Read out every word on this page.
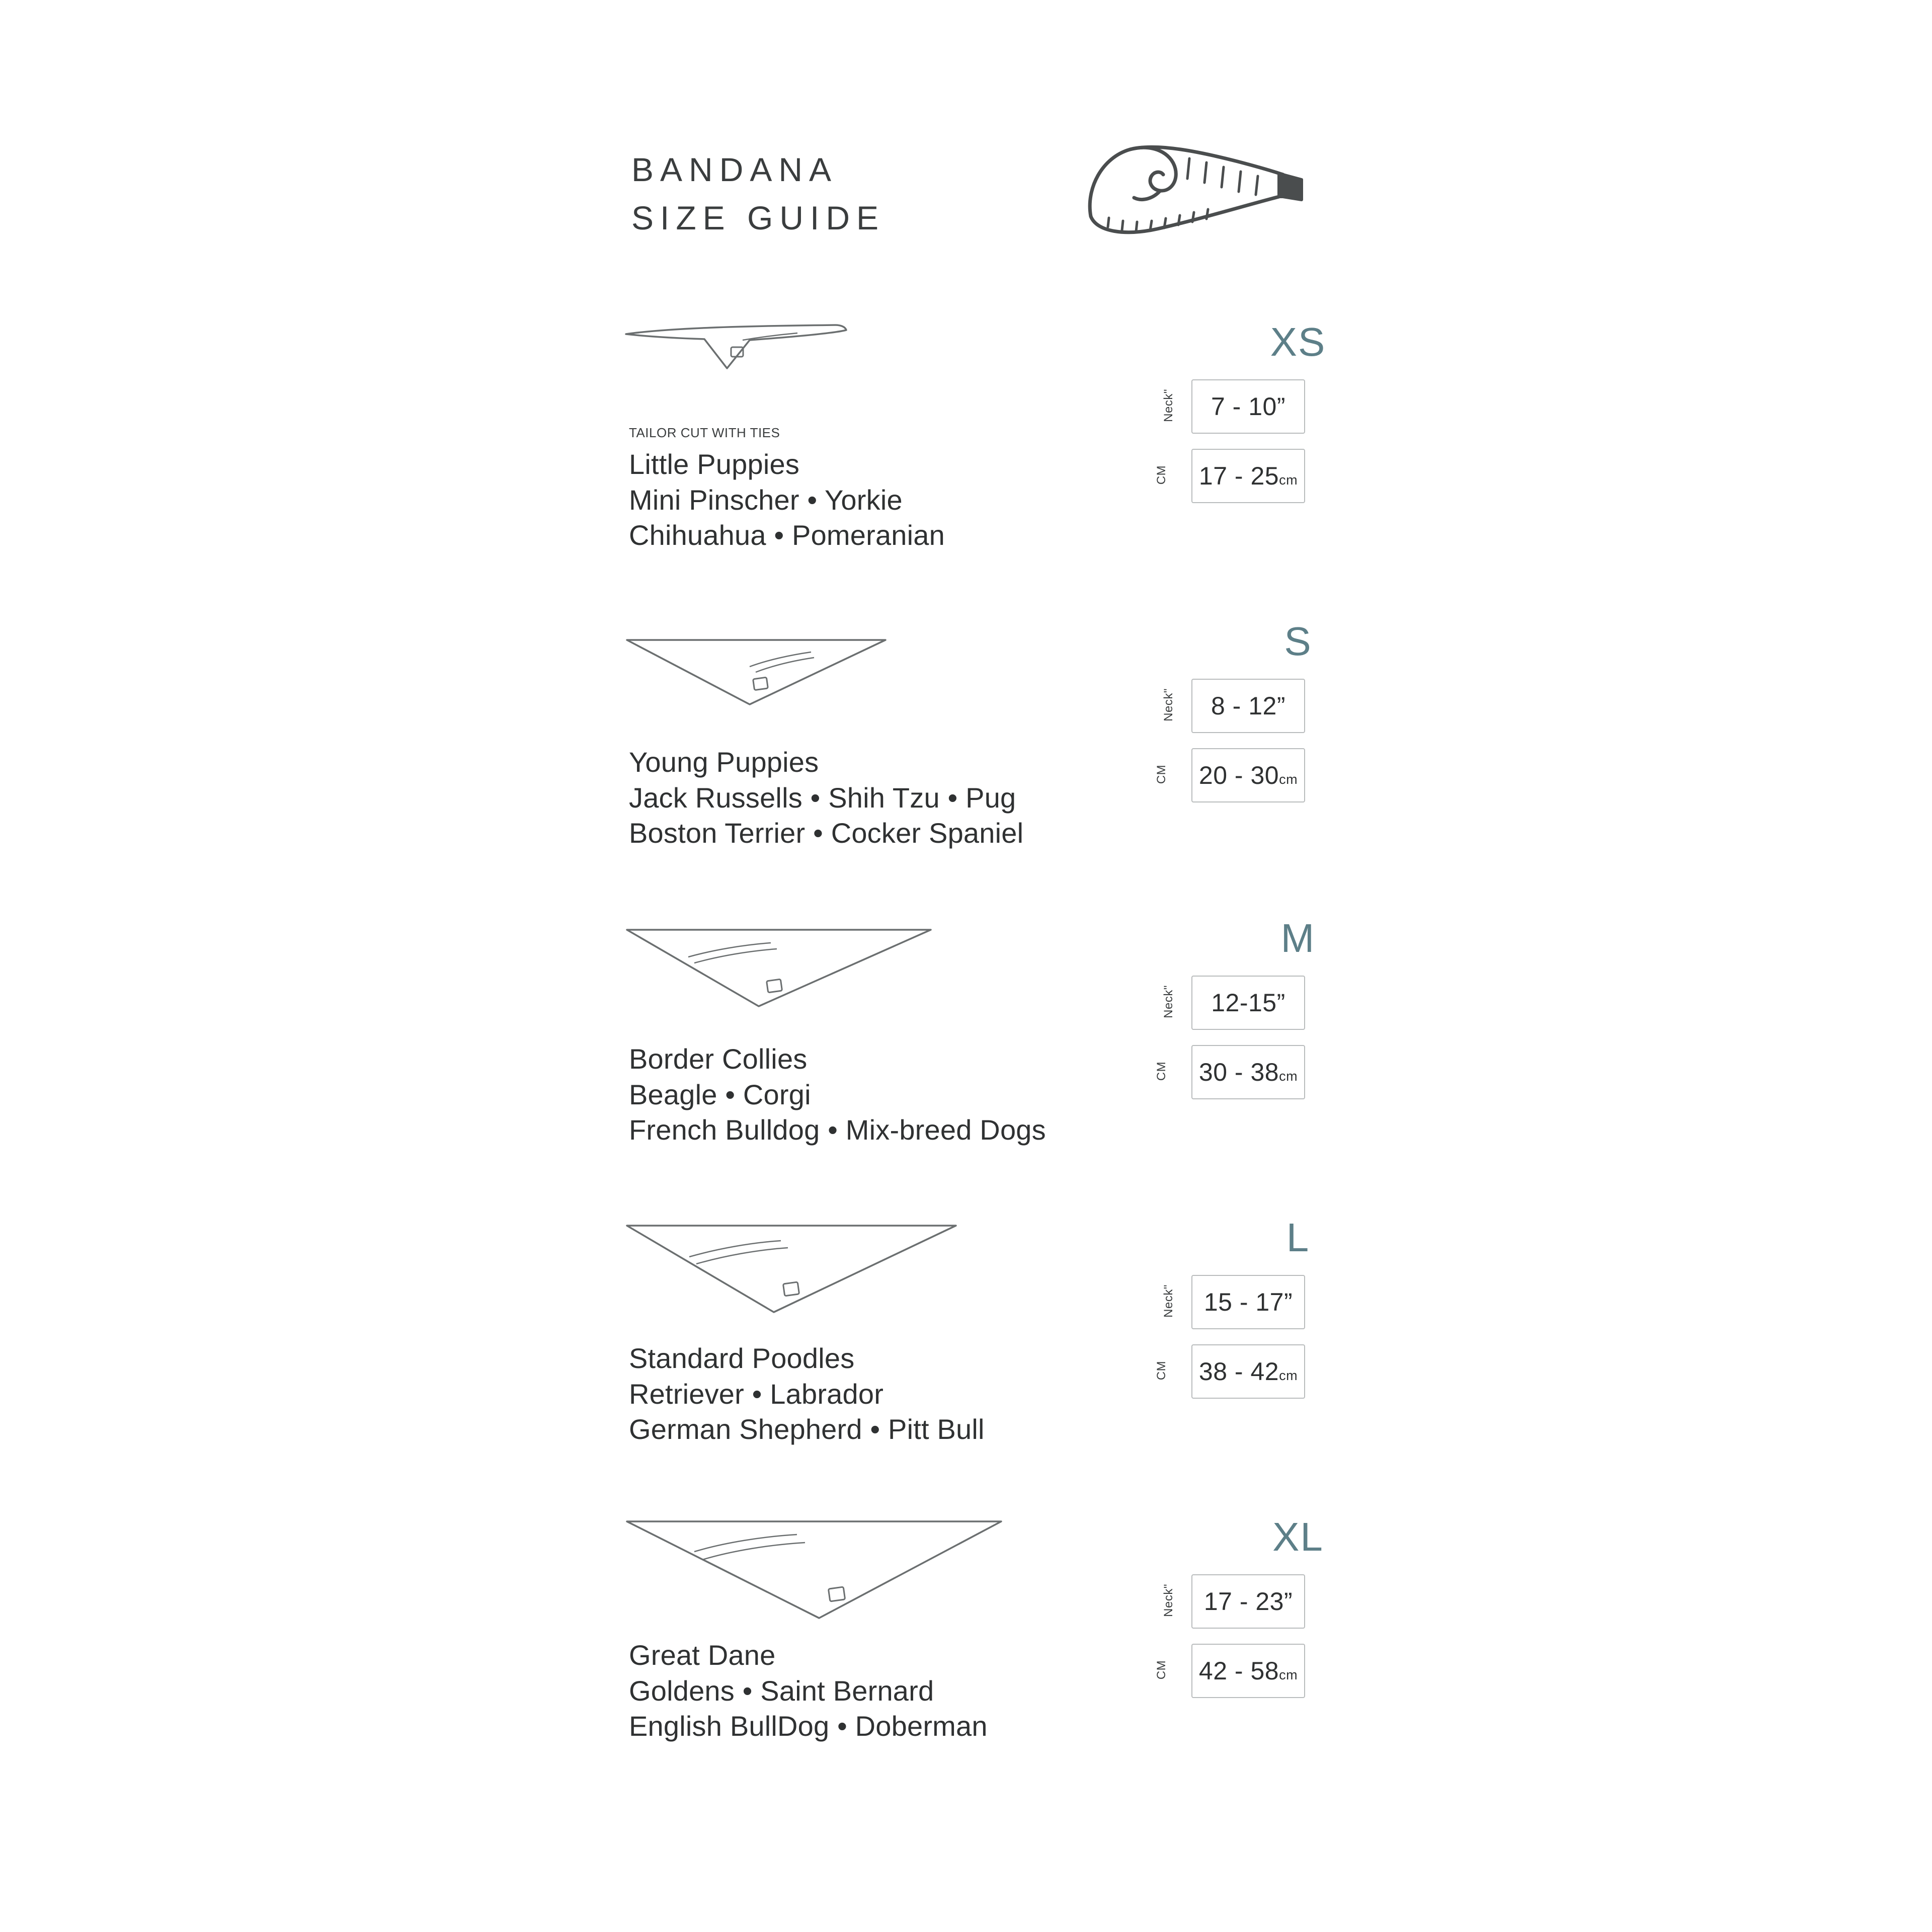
BANDANA
SIZE GUIDE
TAILOR CUT WITH TIES
Little Puppies
Mini Pinscher • Yorkie
Chihuahua • Pomeranian
XS
Neck" 7 - 10”
CM 17 - 25cm
Young Puppies
Jack Russells • Shih Tzu • Pug
Boston Terrier • Cocker Spaniel
S
Neck" 8 - 12”
CM 20 - 30cm
Border Collies
Beagle • Corgi
French Bulldog • Mix-breed Dogs
M
Neck" 12-15”
CM 30 - 38cm
Standard Poodles
Retriever • Labrador
German Shepherd • Pitt Bull
L
Neck" 15 - 17”
CM 38 - 42cm
Great Dane
Goldens • Saint Bernard
English BullDog • Doberman
XL
Neck" 17 - 23”
CM 42 - 58cm
